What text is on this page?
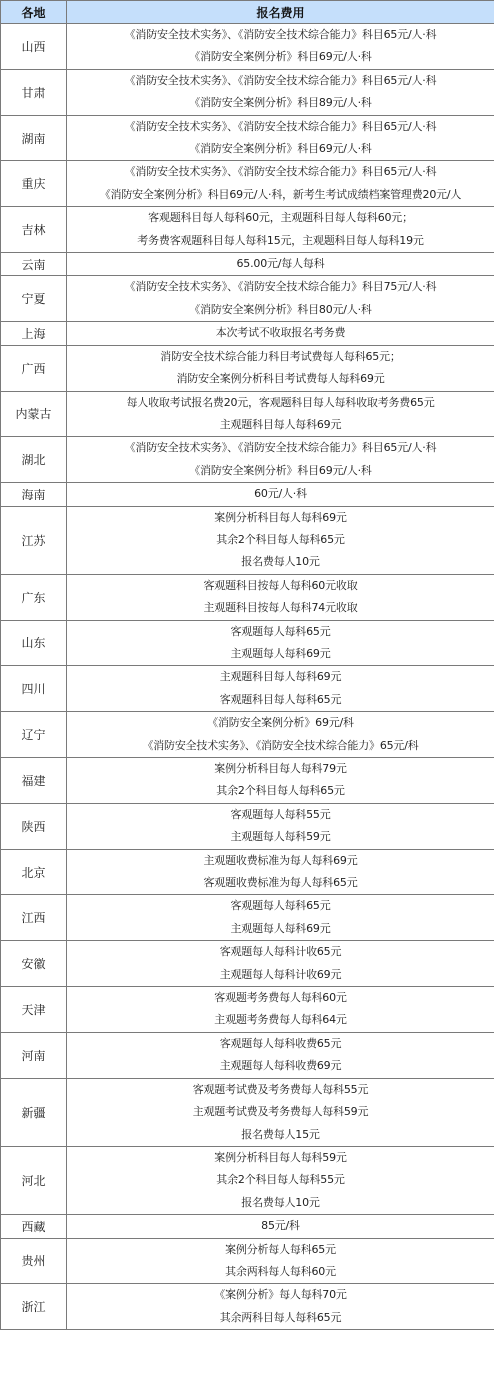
各地	报名费用
山西	《消防安全技术实务》、《消防安全技术综合能力》科目65元/人·科
《消防安全案例分析》科目69元/人·科

甘肃	《消防安全技术实务》、《消防安全技术综合能力》科目65元/人·科
《消防安全案例分析》科目89元/人·科

湖南	《消防安全技术实务》、《消防安全技术综合能力》科目65元/人·科
《消防安全案例分析》科目69元/人·科

重庆	《消防安全技术实务》、《消防安全技术综合能力》科目65元/人·科
《消防安全案例分析》科目69元/人·科，新考生考试成绩档案管理费20元/人

吉林	客观题科目每人每科60元，主观题科目每人每科60元；
考务费客观题科目每人每科15元，主观题科目每人每科19元

云南	65.00元/每人每科

宁夏	《消防安全技术实务》、《消防安全技术综合能力》科目75元/人·科
《消防安全案例分析》科目80元/人·科

上海	本次考试不收取报名考务费

广西	消防安全技术综合能力科目考试费每人每科65元；
消防安全案例分析科目考试费每人每科69元

内蒙古	每人收取考试报名费20元，客观题科目每人每科收取考务费65元
主观题科目每人每科69元

湖北	《消防安全技术实务》、《消防安全技术综合能力》科目65元/人·科
《消防安全案例分析》科目69元/人·科

海南	60元/人·科

江苏	案例分析科目每人每科69元
其余2个科目每人每科65元
报名费每人10元

广东	客观题科目按每人每科60元收取
主观题科目按每人每科74元收取

山东	客观题每人每科65元
主观题每人每科69元

四川	主观题科目每人每科69元
客观题科目每人每科65元

辽宁	《消防安全案例分析》69元/科
《消防安全技术实务》、《消防安全技术综合能力》65元/科

福建	案例分析科目每人每科79元
其余2个科目每人每科65元

陕西	客观题每人每科55元
主观题每人每科59元

北京	主观题收费标准为每人每科69元
客观题收费标准为每人每科65元

江西	客观题每人每科65元
主观题每人每科69元

安徽	客观题每人每科计收65元
主观题每人每科计收69元

天津	客观题考务费每人每科60元
主观题考务费每人每科64元

河南	客观题每人每科收费65元
主观题每人每科收费69元

新疆	客观题考试费及考务费每人每科55元
主观题考试费及考务费每人每科59元
报名费每人15元

河北	案例分析科目每人每科59元
其余2个科目每人每科55元
报名费每人10元

西藏	85元/科

贵州	案例分析每人每科65元
其余两科每人每科60元

浙江	《案例分析》每人每科70元
其余两科目每人每科65元
